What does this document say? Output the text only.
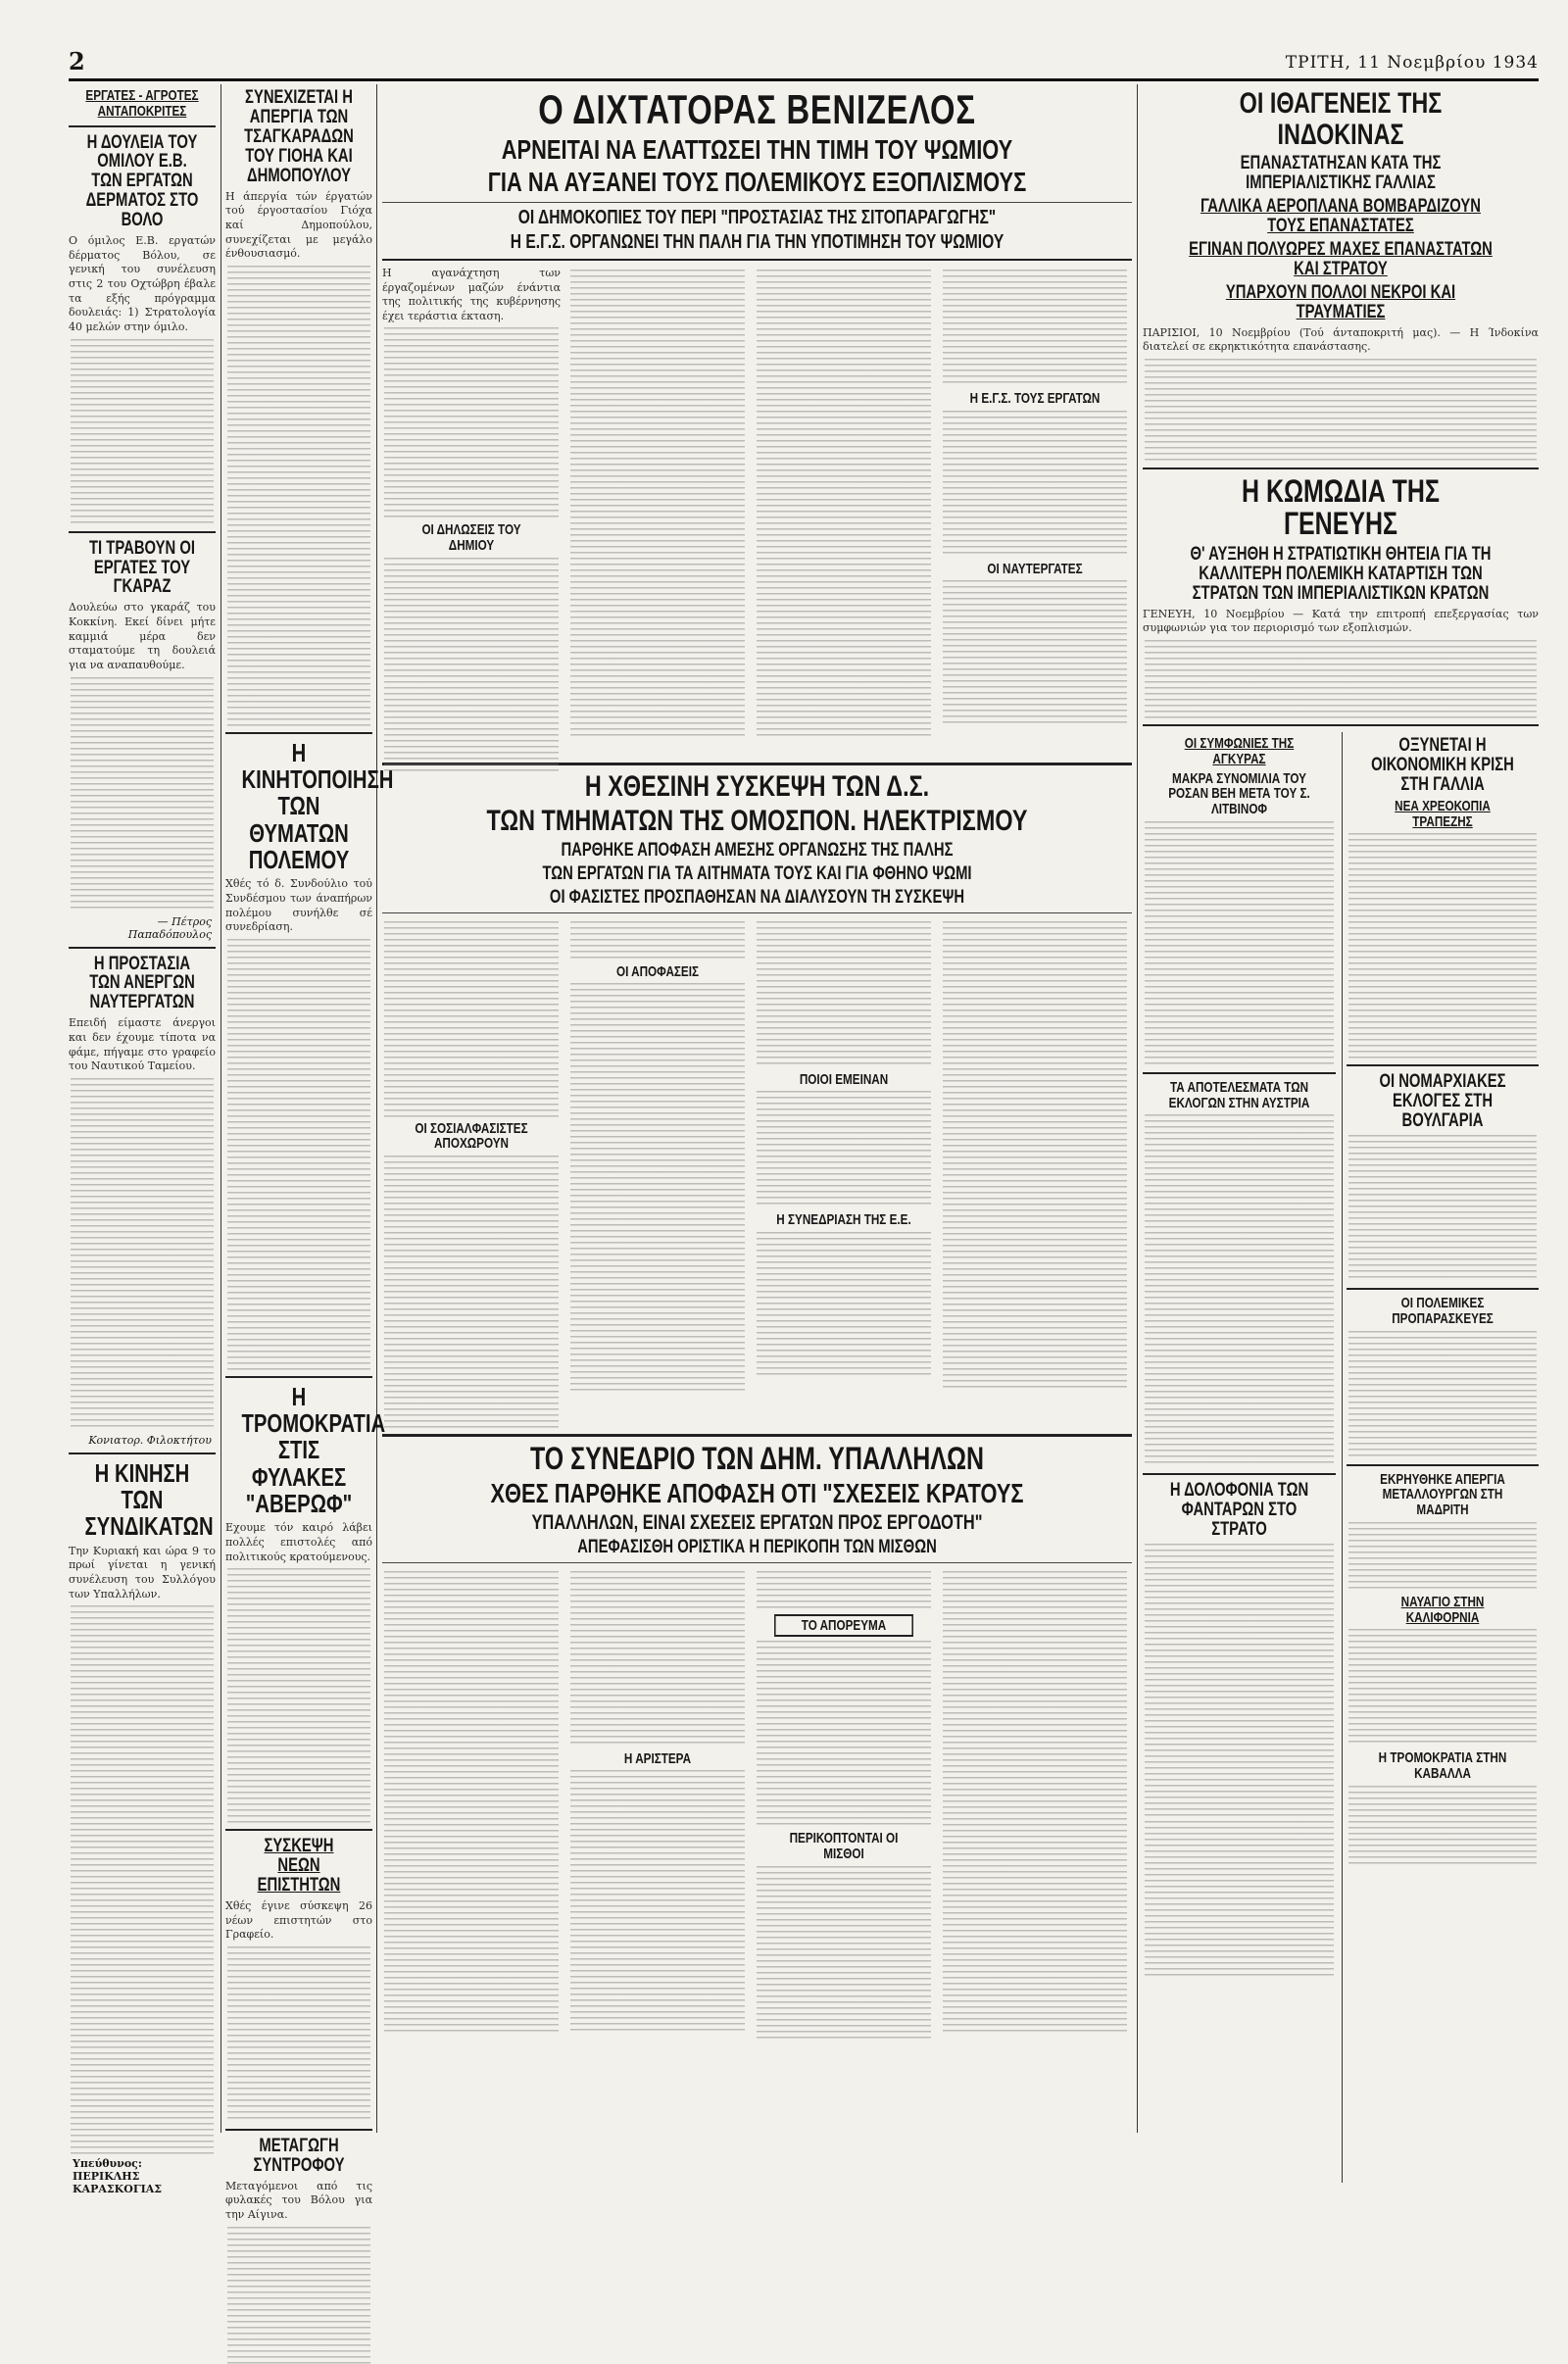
2	ΤΡΙΤΗ, 11 Νοεμβρίου 1934
ΕΡΓΑΤΕΣ - ΑΓΡΟΤΕΣ ΑΝΤΑΠΟΚΡΙΤΕΣ
Η ΔΟΥΛΕΙΑ ΤΟΥ ΟΜΙΛΟΥ Ε.Β. ΤΩΝ ΕΡΓΑΤΩΝ ΔΕΡΜΑΤΟΣ ΣΤΟ ΒΟΛΟ

Ο όμιλος Ε.Β. εργατών δέρματος Βόλου, σε γενική του συνέλευση στις 2 του Οχτώβρη έβαλε τα εξής πρόγραμμα δουλειάς: 1) Στρατολογία 40 μελών στην όμιλο.

ΤΙ ΤΡΑΒΟΥΝ ΟΙ ΕΡΓΑΤΕΣ ΤΟΥ ΓΚΑΡΑΖ

Δουλεύω στο γκαράζ του Κοκκίνη. Εκεί δίνει μήτε καμμιά μέρα δεν σταματούμε τη δουλειά για να αναπαυθούμε.

— Πέτρος Παπαδόπουλος
Η ΠΡΟΣΤΑΣΙΑ ΤΩΝ ΑΝΕΡΓΩΝ ΝΑΥΤΕΡΓΑΤΩΝ

Επειδή είμαστε άνεργοι και δεν έχουμε τίποτα να φάμε, πήγαμε στο γραφείο του Ναυτικού Ταμείου.

Κονιατορ. Φιλοκτήτου
Η ΚΙΝΗΣΗ ΤΩΝ ΣΥΝΔΙΚΑΤΩΝ

Την Κυριακή και ώρα 9 το πρωί γίνεται η γενική συνέλευση του Συλλόγου των Υπαλλήλων.

Υπεύθυνος: ΠΕΡΙΚΛΗΣ ΚΑΡΑΣΚΟΓΙΑΣ
ΣΥΝΕΧΙΖΕΤΑΙ Η ΑΠΕΡΓΙΑ ΤΩΝ ΤΣΑΓΚΑΡΑΔΩΝ ΤΟΥ ΓΙΟΗΑ ΚΑΙ ΔΗΜΟΠΟΥΛΟΥ

Η άπεργία τών έργατών τού έργοστασίου Γιόχα καί Δημοπούλου, συνεχίζεται με μεγάλο ένθουσιασμό.

Η ΚΙΝΗΤΟΠΟΙΗΣΗ ΤΩΝ ΘΥΜΑΤΩΝ ΠΟΛΕΜΟΥ

Χθές τό δ. Συνδούλιο τού Συνδέσμου των άναπήρων πολέμου συνήλθε σέ συνεδρίαση.

Η ΤΡΟΜΟΚΡΑΤΙΑ ΣΤΙΣ ΦΥΛΑΚΕΣ "ΑΒΕΡΩΦ"

Εχουμε τόν καιρό λάβει πολλές επιστολές από πολιτικούς κρατούμενους.

ΣΥΣΚΕΨΗ ΝΕΩΝ ΕΠΙΣΤΗΤΩΝ

Χθές έγινε σύσκεψη 26 νέων επιστητών στο Γραφείο.

ΜΕΤΑΓΩΓΗ ΣΥΝΤΡΟΦΟΥ

Μεταγόμενοι από τις φυλακές του Βόλου για την Αίγινα.

Ο ΔΙΧΤΑΤΟΡΑΣ ΒΕΝΙΖΕΛΟΣ
ΑΡΝΕΙΤΑΙ ΝΑ ΕΛΑΤΤΩΣΕΙ ΤΗΝ ΤΙΜΗ ΤΟΥ ΨΩΜΙΟΥ
ΓΙΑ ΝΑ ΑΥΞΑΝΕΙ ΤΟΥΣ ΠΟΛΕΜΙΚΟΥΣ ΕΞΟΠΛΙΣΜΟΥΣ
ΟΙ ΔΗΜΟΚΟΠΙΕΣ ΤΟΥ ΠΕΡΙ "ΠΡΟΣΤΑΣΙΑΣ ΤΗΣ ΣΙΤΟΠΑΡΑΓΩΓΗΣ"
Η Ε.Γ.Σ. ΟΡΓΑΝΩΝΕΙ ΤΗΝ ΠΑΛΗ ΓΙΑ ΤΗΝ ΥΠΟΤΙΜΗΣΗ ΤΟΥ ΨΩΜΙΟΥ

Η αγανάχτηση των έργαζομένων μαζών ένάντια της πολιτικής της κυβέρνησης έχει τεράστια έκταση.

ΟΙ ΔΗΛΩΣΕΙΣ ΤΟΥ ΔΗΜΙΟΥ
Η Ε.Γ.Σ. ΤΟΥΣ ΕΡΓΑΤΩΝ
ΟΙ ΝΑΥΤΕΡΓΑΤΕΣ
Η ΧΘΕΣΙΝΗ ΣΥΣΚΕΨΗ ΤΩΝ Δ.Σ.
ΤΩΝ ΤΜΗΜΑΤΩΝ ΤΗΣ ΟΜΟΣΠΟΝ. ΗΛΕΚΤΡΙΣΜΟΥ
ΠΑΡΘΗΚΕ ΑΠΟΦΑΣΗ ΑΜΕΣΗΣ ΟΡΓΑΝΩΣΗΣ ΤΗΣ ΠΑΛΗΣ
ΤΩΝ ΕΡΓΑΤΩΝ ΓΙΑ ΤΑ ΑΙΤΗΜΑΤΑ ΤΟΥΣ ΚΑΙ ΓΙΑ ΦΘΗΝΟ ΨΩΜΙ
ΟΙ ΦΑΣΙΣΤΕΣ ΠΡΟΣΠΑΘΗΣΑΝ ΝΑ ΔΙΑΛΥΣΟΥΝ ΤΗ ΣΥΣΚΕΨΗ
ΟΙ ΣΟΣΙΑΛΦΑΣΙΣΤΕΣ ΑΠΟΧΩΡΟΥΝ
ΟΙ ΑΠΟΦΑΣΕΙΣ
ΠΟΙΟΙ ΕΜΕΙΝΑΝ
Η ΣΥΝΕΔΡΙΑΣΗ ΤΗΣ Ε.Ε.
ΤΟ ΣΥΝΕΔΡΙΟ ΤΩΝ ΔΗΜ. ΥΠΑΛΛΗΛΩΝ
ΧΘΕΣ ΠΑΡΘΗΚΕ ΑΠΟΦΑΣΗ ΟΤΙ "ΣΧΕΣΕΙΣ ΚΡΑΤΟΥΣ
ΥΠΑΛΛΗΛΩΝ, ΕΙΝΑΙ ΣΧΕΣΕΙΣ ΕΡΓΑΤΩΝ ΠΡΟΣ ΕΡΓΟΔΟΤΗ"
ΑΠΕΦΑΣΙΣΘΗ ΟΡΙΣΤΙΚΑ Η ΠΕΡΙΚΟΠΗ ΤΩΝ ΜΙΣΘΩΝ
Η ΑΡΙΣΤΕΡΑ
ΤΟ ΑΠΟΡΕΥΜΑ
ΠΕΡΙΚΟΠΤΟΝΤΑΙ ΟΙ ΜΙΣΘΟΙ
ΟΙ ΙΘΑΓΕΝΕΙΣ ΤΗΣ ΙΝΔΟΚΙΝΑΣ
ΕΠΑΝΑΣΤΑΤΗΣΑΝ ΚΑΤΑ ΤΗΣ ΙΜΠΕΡΙΑΛΙΣΤΙΚΗΣ ΓΑΛΛΙΑΣ
ΓΑΛΛΙΚΑ ΑΕΡΟΠΛΑΝΑ ΒΟΜΒΑΡΔΙΖΟΥΝ ΤΟΥΣ ΕΠΑΝΑΣΤΑΤΕΣ
ΕΓΙΝΑΝ ΠΟΛΥΩΡΕΣ ΜΑΧΕΣ ΕΠΑΝΑΣΤΑΤΩΝ ΚΑΙ ΣΤΡΑΤΟΥ
ΥΠΑΡΧΟΥΝ ΠΟΛΛΟΙ ΝΕΚΡΟΙ ΚΑΙ ΤΡΑΥΜΑΤΙΕΣ

ΠΑΡΙΣΙΟΙ, 10 Νοεμβρίου (Τού άνταποκριτή μας). — Η Ίνδοκίνα διατελεί σε εκρηκτικότητα επανάστασης.

Η ΚΩΜΩΔΙΑ ΤΗΣ ΓΕΝΕΥΗΣ
Θ' ΑΥΞΗΘΗ Η ΣΤΡΑΤΙΩΤΙΚΗ ΘΗΤΕΙΑ ΓΙΑ ΤΗ ΚΑΛΛΙΤΕΡΗ ΠΟΛΕΜΙΚΗ ΚΑΤΑΡΤΙΣΗ ΤΩΝ ΣΤΡΑΤΩΝ ΤΩΝ ΙΜΠΕΡΙΑΛΙΣΤΙΚΩΝ ΚΡΑΤΩΝ

ΓΕΝΕΥΗ, 10 Νοεμβρίου — Κατά την επιτροπή επεξεργασίας των συμφωνιών για τον περιορισμό των εξοπλισμών.

ΟΙ ΣΥΜΦΩΝΙΕΣ ΤΗΣ ΑΓΚΥΡΑΣ
ΜΑΚΡΑ ΣΥΝΟΜΙΛΙΑ ΤΟΥ ΡΟΣΑΝ ΒΕΗ ΜΕΤΑ ΤΟΥ Σ. ΛΙΤΒΙΝΟΦ
ΤΑ ΑΠΟΤΕΛΕΣΜΑΤΑ ΤΩΝ ΕΚΛΟΓΩΝ ΣΤΗΝ ΑΥΣΤΡΙΑ
Η ΔΟΛΟΦΟΝΙΑ ΤΩΝ ΦΑΝΤΑΡΩΝ ΣΤΟ ΣΤΡΑΤΟ
ΟΞΥΝΕΤΑΙ Η ΟΙΚΟΝΟΜΙΚΗ ΚΡΙΣΗ ΣΤΗ ΓΑΛΛΙΑ
ΝΕΑ ΧΡΕΟΚΟΠΙΑ ΤΡΑΠΕΖΗΣ
ΟΙ ΝΟΜΑΡΧΙΑΚΕΣ ΕΚΛΟΓΕΣ ΣΤΗ ΒΟΥΛΓΑΡΙΑ
ΟΙ ΠΟΛΕΜΙΚΕΣ ΠΡΟΠΑΡΑΣΚΕΥΕΣ
ΕΚΡΗΥΘΗΚΕ ΑΠΕΡΓΙΑ ΜΕΤΑΛΛΟΥΡΓΩΝ ΣΤΗ ΜΑΔΡΙΤΗ
ΝΑΥΑΓΙΟ ΣΤΗΝ ΚΑΛΙΦΟΡΝΙΑ
Η ΤΡΟΜΟΚΡΑΤΙΑ ΣΤΗΝ ΚΑΒΑΛΛΑ
